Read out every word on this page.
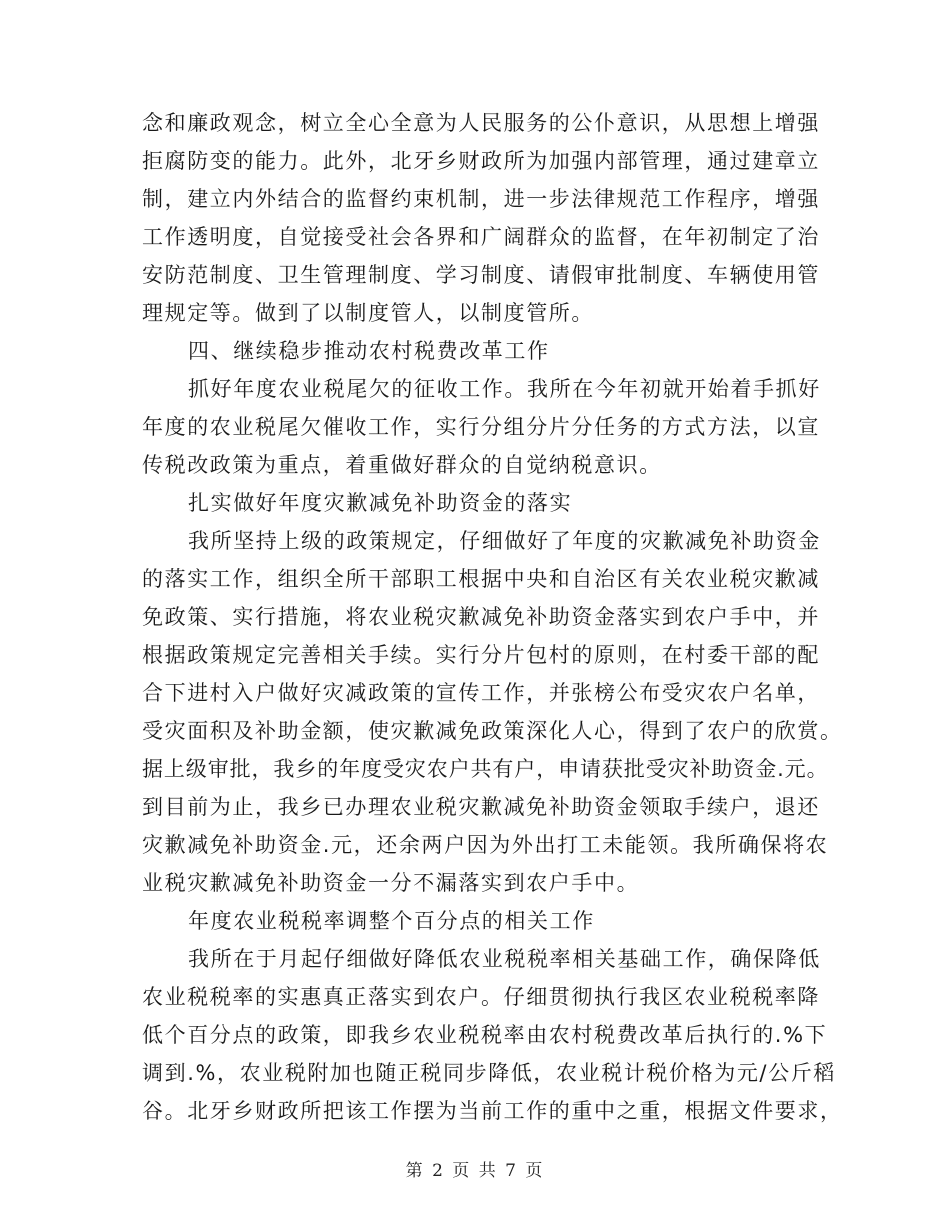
念和廉政观念，树立全心全意为人民服务的公仆意识，从思想上增强
拒腐防变的能力。此外，北牙乡财政所为加强内部管理，通过建章立
制，建立内外结合的监督约束机制，进一步法律规范工作程序，增强
工作透明度，自觉接受社会各界和广阔群众的监督，在年初制定了治
安防范制度、卫生管理制度、学习制度、请假审批制度、车辆使用管
理规定等。做到了以制度管人，以制度管所。
四、继续稳步推动农村税费改革工作
抓好年度农业税尾欠的征收工作。我所在今年初就开始着手抓好
年度的农业税尾欠催收工作，实行分组分片分任务的方式方法，以宣
传税改政策为重点，着重做好群众的自觉纳税意识。
扎实做好年度灾歉减免补助资金的落实
我所坚持上级的政策规定，仔细做好了年度的灾歉减免补助资金
的落实工作，组织全所干部职工根据中央和自治区有关农业税灾歉减
免政策、实行措施，将农业税灾歉减免补助资金落实到农户手中，并
根据政策规定完善相关手续。实行分片包村的原则，在村委干部的配
合下进村入户做好灾减政策的宣传工作，并张榜公布受灾农户名单，
受灾面积及补助金额，使灾歉减免政策深化人心，得到了农户的欣赏。
据上级审批，我乡的年度受灾农户共有户，申请获批受灾补助资金.元。
到目前为止，我乡已办理农业税灾歉减免补助资金领取手续户，退还
灾歉减免补助资金.元，还余两户因为外出打工未能领。我所确保将农
业税灾歉减免补助资金一分不漏落实到农户手中。
年度农业税税率调整个百分点的相关工作
我所在于月起仔细做好降低农业税税率相关基础工作，确保降低
农业税税率的实惠真正落实到农户。仔细贯彻执行我区农业税税率降
低个百分点的政策，即我乡农业税税率由农村税费改革后执行的.%下
调到.%，农业税附加也随正税同步降低，农业税计税价格为元/公斤稻
谷。北牙乡财政所把该工作摆为当前工作的重中之重，根据文件要求，
第 2 页 共 7 页
